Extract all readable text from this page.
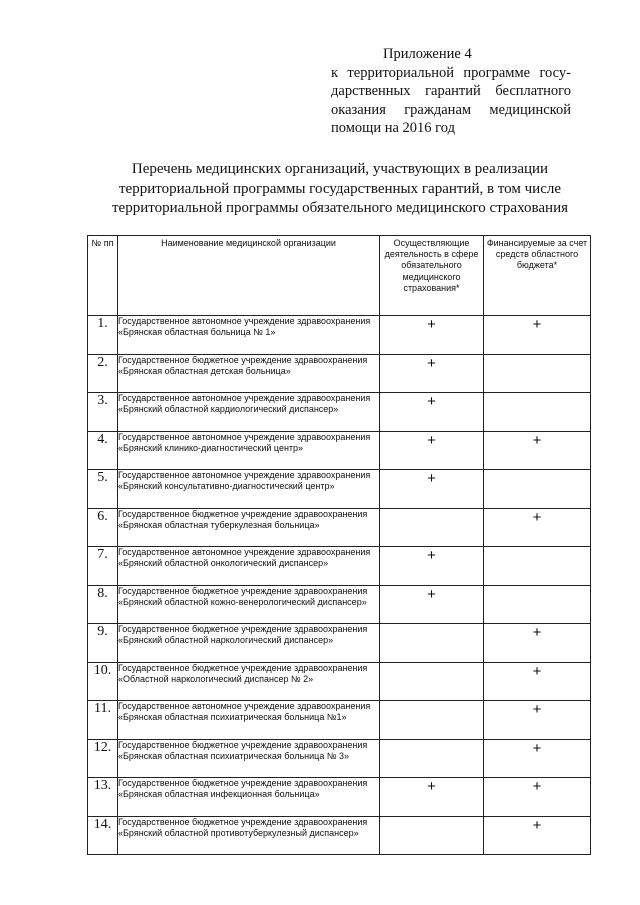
Приложение 4
к территориальной программе госу-
дарственных гарантий бесплатного
оказания гражданам медицинской
помощи на 2016 год
Перечень медицинских организаций, участвующих в реализации
территориальной программы государственных гарантий, в том числе
территориальной программы обязательного медицинского страхования
№ пп	Наименование медицинской организации	Осуществляющие деятельность в сфере обязательного медицинского страхования*	Финансируемые за счет средств областного бюджета*
1.	Государственное автономное учреждение здравоохранения «Брянская областная больница № 1»	+	+
2.	Государственное бюджетное учреждение здравоохранения «Брянская областная детская больница»	+	
3.	Государственное автономное учреждение здравоохранения «Брянский областной кардиологический диспансер»	+	
4.	Государственное автономное учреждение здравоохранения «Брянский клинико-диагностический центр»	+	+
5.	Государственное автономное учреждение здравоохранения «Брянский консультативно-диагностический центр»	+	
6.	Государственное бюджетное учреждение здравоохранения «Брянская областная туберкулезная больница»		+
7.	Государственное автономное учреждение здравоохранения «Брянский областной онкологический диспансер»	+	
8.	Государственное бюджетное учреждение здравоохранения «Брянский областной кожно-венерологический диспансер»	+	
9.	Государственное бюджетное учреждение здравоохранения «Брянский областной наркологический диспансер»		+
10.	Государственное бюджетное учреждение здравоохранения «Областной наркологический диспансер № 2»		+
11.	Государственное автономное учреждение здравоохранения «Брянская областная психиатрическая больница №1»		+
12.	Государственное бюджетное учреждение здравоохранения «Брянская областная психиатрическая больница № 3»		+
13.	Государственное бюджетное учреждение здравоохранения «Брянская областная инфекционная больница»	+	+
14.	Государственное бюджетное учреждение здравоохранения «Брянский областной противотуберкулезный диспансер»		+
